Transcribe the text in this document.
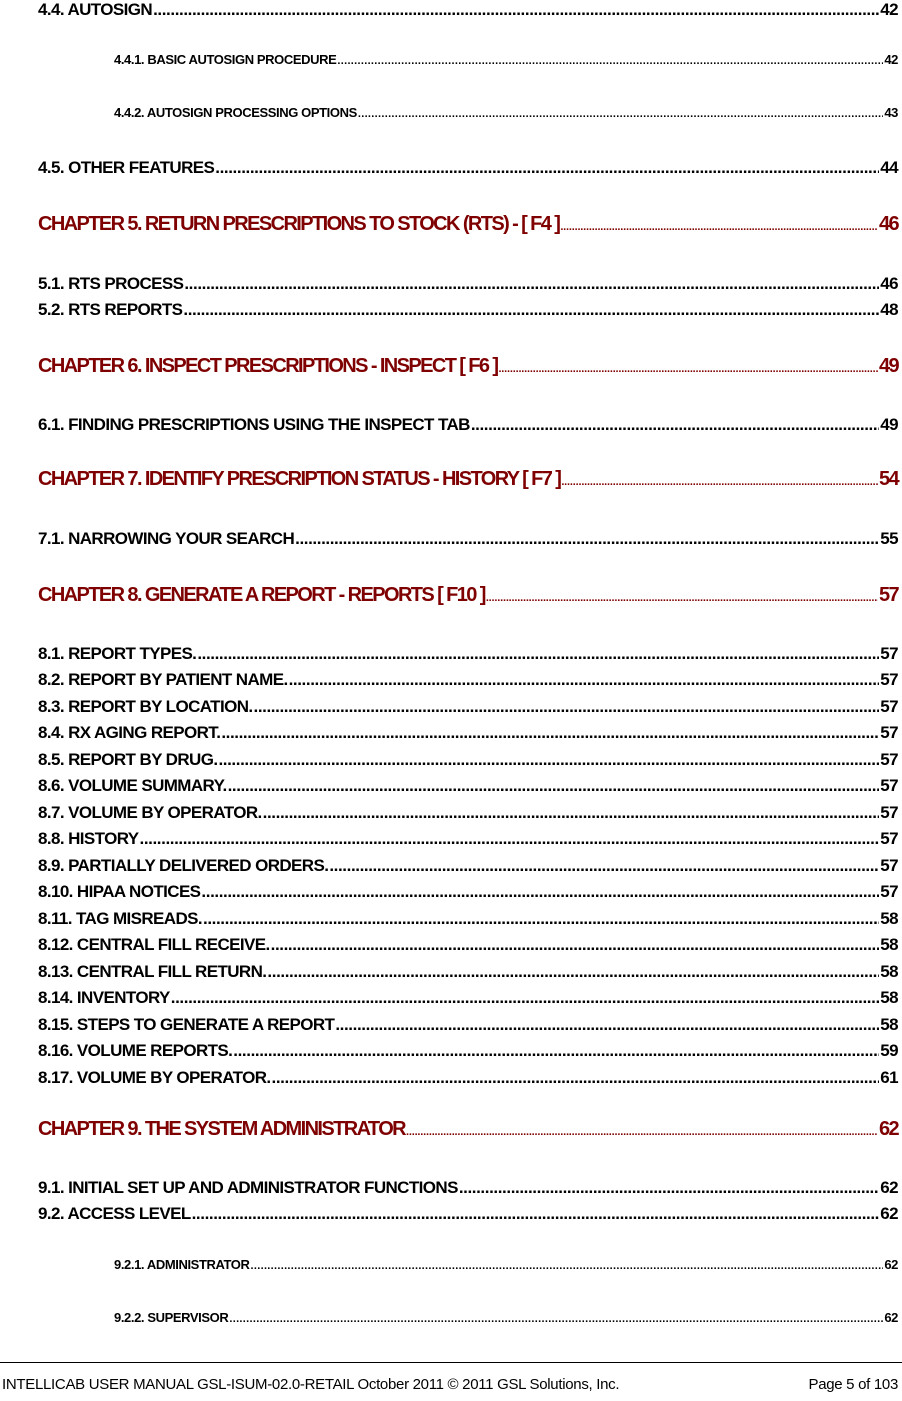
4.4. AUTOSIGN .....	42
4.4.1. BASIC AUTOSIGN PROCEDURE .....	42
4.4.2. AUTOSIGN PROCESSING OPTIONS .....	43
4.5. OTHER FEATURES .....	44
CHAPTER 5. RETURN PRESCRIPTIONS TO STOCK (RTS) - [ F4 ] .....	46
5.1. RTS PROCESS .....	46
5.2. RTS REPORTS .....	48
CHAPTER 6. INSPECT PRESCRIPTIONS - INSPECT [ F6 ] .....	49
6.1. FINDING PRESCRIPTIONS USING THE INSPECT TAB .....	49
CHAPTER 7. IDENTIFY PRESCRIPTION STATUS - HISTORY [ F7 ] .....	54
7.1. NARROWING YOUR SEARCH .....	55
CHAPTER 8. GENERATE A REPORT - REPORTS [ F10 ] .....	57
8.1. REPORT TYPES. .....	57
8.2. REPORT BY PATIENT NAME. .....	57
8.3. REPORT BY LOCATION. .....	57
8.4. RX AGING REPORT. .....	57
8.5. REPORT BY DRUG. .....	57
8.6. VOLUME SUMMARY. .....	57
8.7. VOLUME BY OPERATOR. .....	57
8.8. HISTORY .....	57
8.9. PARTIALLY DELIVERED ORDERS. .....	57
8.10. HIPAA NOTICES .....	57
8.11. TAG MISREADS. .....	58
8.12. CENTRAL FILL RECEIVE. .....	58
8.13. CENTRAL FILL RETURN. .....	58
8.14. INVENTORY .....	58
8.15. STEPS TO GENERATE A REPORT .....	58
8.16. VOLUME REPORTS. .....	59
8.17. VOLUME BY OPERATOR. .....	61
CHAPTER 9. THE SYSTEM ADMINISTRATOR .....	62
9.1. INITIAL SET UP AND ADMINISTRATOR FUNCTIONS .....	62
9.2. ACCESS LEVEL .....	62
9.2.1. ADMINISTRATOR .....	62
9.2.2. SUPERVISOR .....	62
INTELLICAB USER MANUAL GSL-ISUM-02.0-RETAIL October 2011 © 2011 GSL Solutions, Inc.	Page 5 of 103
